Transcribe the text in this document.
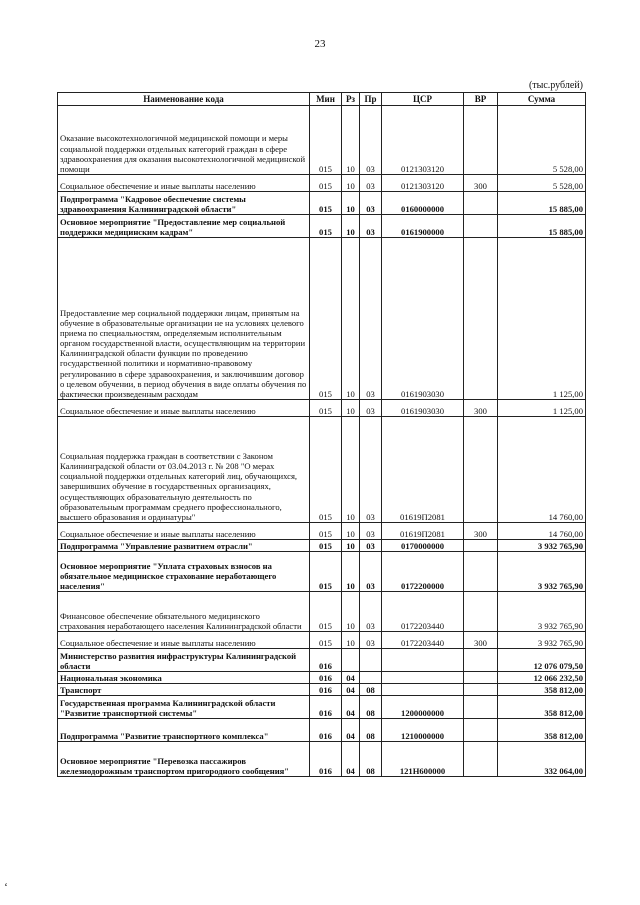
23
(тыс.рублей)
Наименование кода	Мин	Рз	Пр	ЦСР	ВР	Сумма
Оказание высокотехнологичной медицинской помощи и меры социальной поддержки отдельных категорий граждан в сфере здравоохранения для оказания высокотехнологичной медицинской помощи	015	10	03	0121303120		5 528,00
Социальное обеспечение и иные выплаты населению	015	10	03	0121303120	300	5 528,00
Подпрограмма "Кадровое обеспечение системы здравоохранения Калининградской области"	015	10	03	0160000000		15 885,00
Основное мероприятие "Предоставление мер социальной поддержки медицинским кадрам"	015	10	03	0161900000		15 885,00
Предоставление мер социальной поддержки лицам, принятым на обучение в образовательные организации не на условиях целевого приема по специальностям, определяемым исполнительным органом государственной власти, осуществляющим на территории Калининградской области функции по проведению государственной политики и нормативно-правовому регулированию в сфере здравоохранения, и заключившим договор о целевом обучении, в период обучения в виде оплаты обучения по фактически произведенным расходам	015	10	03	0161903030		1 125,00
Социальное обеспечение и иные выплаты населению	015	10	03	0161903030	300	1 125,00
Социальная поддержка граждан в соответствии с Законом Калининградской области от 03.04.2013 г. № 208 "О мерах социальной поддержки отдельных категорий лиц, обучающихся, завершивших обучение в государственных организациях, осуществляющих образовательную деятельность по образовательным программам среднего профессионального, высшего образования и ординатуры"	015	10	03	01619П2081		14 760,00
Социальное обеспечение и иные выплаты населению	015	10	03	01619П2081	300	14 760,00
Подпрограмма "Управление развитием отрасли"	015	10	03	0170000000		3 932 765,90
Основное мероприятие "Уплата страховых взносов на обязательное медицинское страхование неработающего населения"	015	10	03	0172200000		3 932 765,90
Финансовое обеспечение обязательного медицинского страхования неработающего населения Калининградской области	015	10	03	0172203440		3 932 765,90
Социальное обеспечение и иные выплаты населению	015	10	03	0172203440	300	3 932 765,90
Министерство развития инфраструктуры Калининградской области	016					12 076 079,50
Национальная экономика	016	04				12 066 232,50
Транспорт	016	04	08			358 812,00
Государственная программа Калининградской области "Развитие транспортной системы"	016	04	08	1200000000		358 812,00
Подпрограмма "Развитие транспортного комплекса"	016	04	08	1210000000		358 812,00
Основное мероприятие "Перевозка пассажиров железнодорожным транспортом пригородного сообщения"	016	04	08	121Н600000		332 064,00
ʻ
